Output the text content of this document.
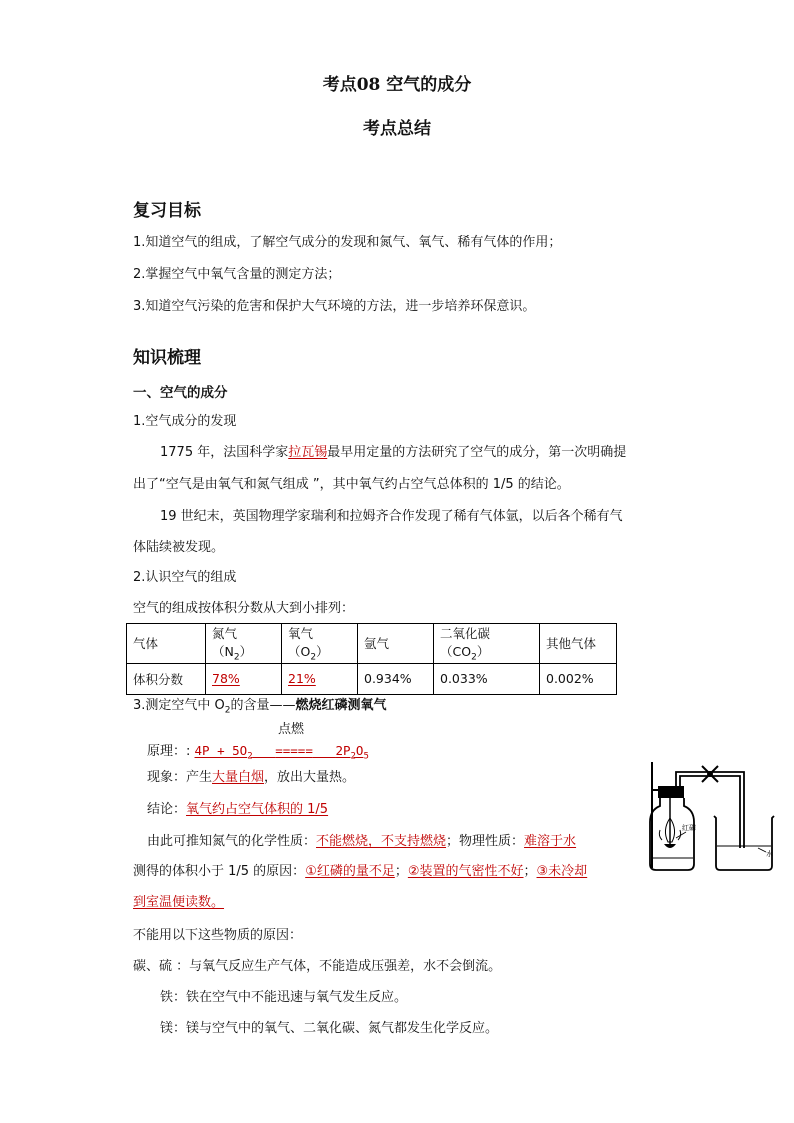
考点08 空气的成分
考点总结
复习目标
1.知道空气的组成，了解空气成分的发现和氮气、氧气、稀有气体的作用；
2.掌握空气中氧气含量的测定方法；
3.知道空气污染的危害和保护大气环境的方法，进一步培养环保意识。
知识梳理
一、空气的成分
1.空气成分的发现
1775 年，法国科学家拉瓦锡最早用定量的方法研究了空气的成分，第一次明确提
出了“空气是由氧气和氮气组成 ”，其中氧气约占空气总体积的 1/5 的结论。
19 世纪末，英国物理学家瑞利和拉姆齐合作发现了稀有气体氩，以后各个稀有气
体陆续被发现。
2.认识空气的组成
空气的组成按体积分数从大到小排列：
气体	氮气$(N_2)$	氧气$(O_2)$	氩气	二氧化碳$(CO_2)$	其他气体
体积分数	78%	21%	0.934%	0.033%	0.002%
3.测定空气中 $O_2$的含量——燃烧红磷测氧气
点燃
原理：: $4P + 5O_2$ ===== $2P_2O_5$
现象：产生大量白烟，放出大量热。
结论：氧气约占空气体积的 1/5
由此可推知氮气的化学性质：不能燃烧，不支持燃烧；物理性质：难溶于水
测得的体积小于 1/5 的原因：①红磷的量不足；②装置的气密性不好；③未冷却
到室温便读数。
不能用以下这些物质的原因：
碳、硫 ：与氧气反应生产气体，不能造成压强差，水不会倒流。
铁：铁在空气中不能迅速与氧气发生反应。
镁：镁与空气中的氧气、二氧化碳、氮气都发生化学反应。
红磷
水
